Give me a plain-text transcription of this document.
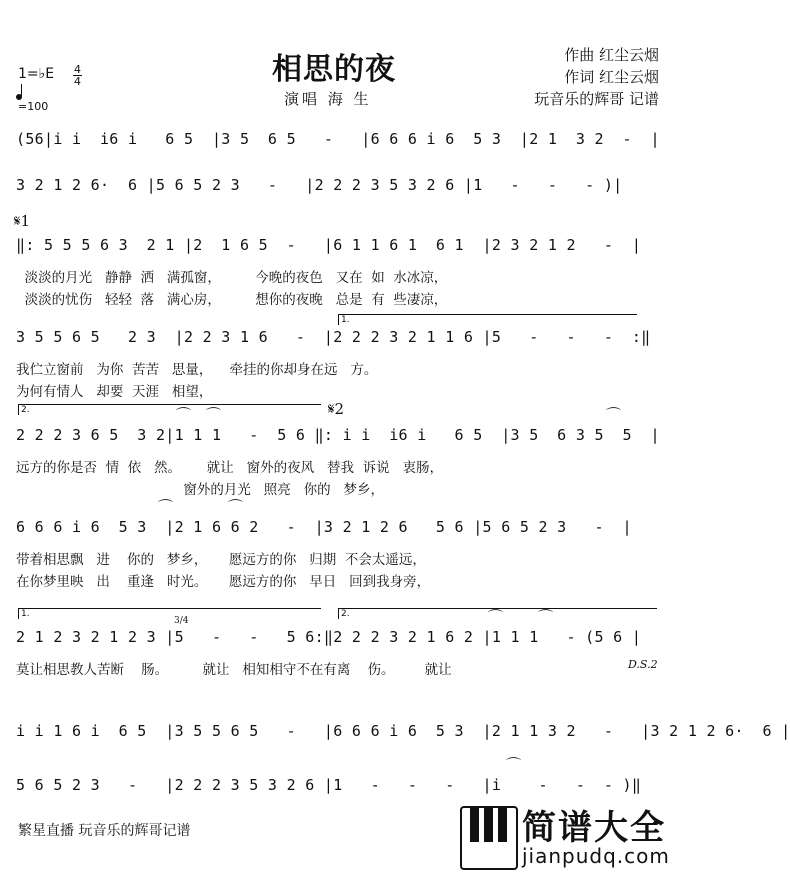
相思的夜
演唱 海 生
作曲 红尘云烟
作词 红尘云烟
玩音乐的辉哥 记谱
1=♭E 4
4
=100
(56|i i  i6 i   6 5  |3 5  6 5   -   |6 6 6 i 6  5 3  |2 1  3 2  -  |
3 2 1 2 6·  6 |5 6 5 2 3   -   |2 2 2 3 5 3 2 6 |1   -   -   - )|
𝄋1
‖: 5 5 5 6 3  2 1 |2  1 6 5  -   |6 1 1 6 1  6 1  |2 3 2 1 2   -  |
淡淡的月光   静静  洒   满孤窗，        今晚的夜色   又在  如  水冰凉，
淡淡的忧伤   轻轻  落   满心房，        想你的夜晚   总是  有  些凄凉，
1.
3 5 5 6 5   2 3  |2 2 3 1 6   -  |2 2 2 3 2 1 1 6 |5   -   -   -  :‖
我伫立窗前   为你  苦苦   思量，    牵挂的你却身在远   方。
为何有情人   却要  天涯   相望，
2.	𝄋2
⌒ ⌒	⌒
2 2 2 3 6 5  3 2|1 1 1   -  5 6 ‖: i i  i6 i   6 5  |3 5  6 3 5  5  |
远方的你是否  情  依   然。      就让   窗外的夜风   替我  诉说   衷肠，
窗外的月光   照亮   你的   梦乡，
⌒	⌒
6 6 6 i 6  5 3  |2 1 6 6 2   -  |3 2 1 2 6   5 6 |5 6 5 2 3   -  |
带着相思飘   进    你的   梦乡，     愿远方的你   归期  不会太遥远，
在你梦里映   出    重逢   时光。     愿远方的你   早日   回到我身旁，
1.	2.
3/4	⌒ ⌒
2 1 2 3 2 1 2 3 |5   -   -   5 6:‖2 2 2 3 2 1 6 2 |1 1 1   - (5 6 |
莫让相思教人苦断    肠。        就让   相知相守不在有离    伤。       就让	D.S.2
i i 1 6 i  6 5  |3 5 5 6 5   -   |6 6 6 i 6  5 3  |2 1 1 3 2   -   |3 2 1 2 6·  6 |
⌒
5 6 5 2 3   -   |2 2 2 3 5 3 2 6 |1   -   -   -   |i    -   -  - )‖
繁星直播 玩音乐的辉哥记谱	简谱大全
jianpudq.com
